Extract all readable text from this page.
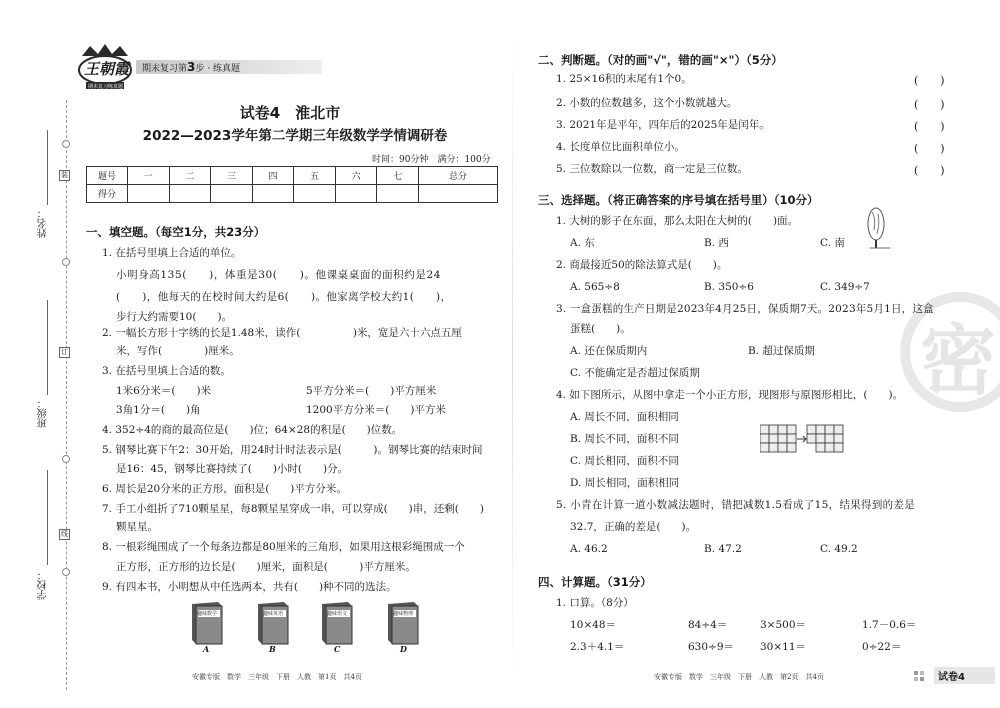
装
订
线
姓名：
班级：
学校：
王朝霞
期末复习练真题
期末复习第3步 · 练真题
试卷4　淮北市
2022—2023学年第二学期三年级数学学情调研卷
时间：90分钟　满分：100分
题号	一	二	三	四	五	六	七	总分
得分								
一、填空题。（每空1分，共23分）
1. 在括号里填上合适的单位。
小明身高135(　　)，体重是30(　　)。他课桌桌面的面积约是24
(　　)，他每天的在校时间大约是6(　　)。他家离学校大约1(　　)，
步行大约需要10(　　)。
2. 一幅长方形十字绣的长是1.48米，读作(　　　　　)米，宽是六十六点五厘
米，写作(　　　　)厘米。
3. 在括号里填上合适的数。
1米6分米＝(　　)米	5平方分米＝(　　)平方厘米
3角1分＝(　　)角	1200平方分米＝(　　)平方米
4. 352÷4的商的最高位是(　　)位；64×28的积是(　　)位数。
5. 钢琴比赛下午2：30开始，用24时计时法表示是(　　　)。钢琴比赛的结束时间
是16：45，钢琴比赛持续了(　　)小时(　　)分。
6. 周长是20分米的正方形，面积是(　　)平方分米。
7. 手工小组折了710颗星星，每8颗星星穿成一串，可以穿成(　　)串，还剩(　　)
颗星星。
8. 一根彩绳围成了一个每条边都是80厘米的三角形，如果用这根彩绳围成一个
正方形，正方形的边长是(　　)厘米，面积是(　　　)平方厘米。
9. 有四本书，小明想从中任选两本，共有(　　)种不同的选法。
趣味数学
A
趣味英语
B
趣味语文
C
趣味物理
D
安徽专版　数学　三年级　下册　人教　第1页　共4页
密
二、判断题。（对的画"√"，错的画"×"）（5分）
1. 25×16积的末尾有1个0。
2. 小数的位数越多，这个小数就越大。
3. 2021年是平年，四年后的2025年是闰年。
4. 长度单位比面积单位小。
5. 三位数除以一位数，商一定是三位数。
(　　)
(　　)
(　　)
(　　)
(　　)
三、选择题。（将正确答案的序号填在括号里）（10分）
1. 大树的影子在东面，那么太阳在大树的(　　)面。
A. 东	B. 西	C. 南
2. 商最接近50的除法算式是(　　)。
A. 565÷8	B. 350÷6	C. 349÷7
3. 一盒蛋糕的生产日期是2023年4月25日，保质期7天。2023年5月1日，这盒
蛋糕(　　)。
A. 还在保质期内	B. 超过保质期
C. 不能确定是否超过保质期
4. 如下图所示，从图中拿走一个小正方形，现图形与原图形相比，(　　)。
A. 周长不同，面积相同
B. 周长不同，面积不同
C. 周长相同，面积不同
D. 周长相同，面积相同
5. 小青在计算一道小数减法题时，错把减数1.5看成了15，结果得到的差是
32.7，正确的差是(　　)。
A. 46.2	B. 47.2	C. 49.2
四、计算题。（31分）
1. 口算。（8分）
10×48＝	84÷4＝	3×500＝	1.7－0.6＝
2.3＋4.1＝	630÷9＝ 30×11＝	0÷22＝
安徽专版　数学　三年级　下册　人教　第2页　共4页	试卷4
